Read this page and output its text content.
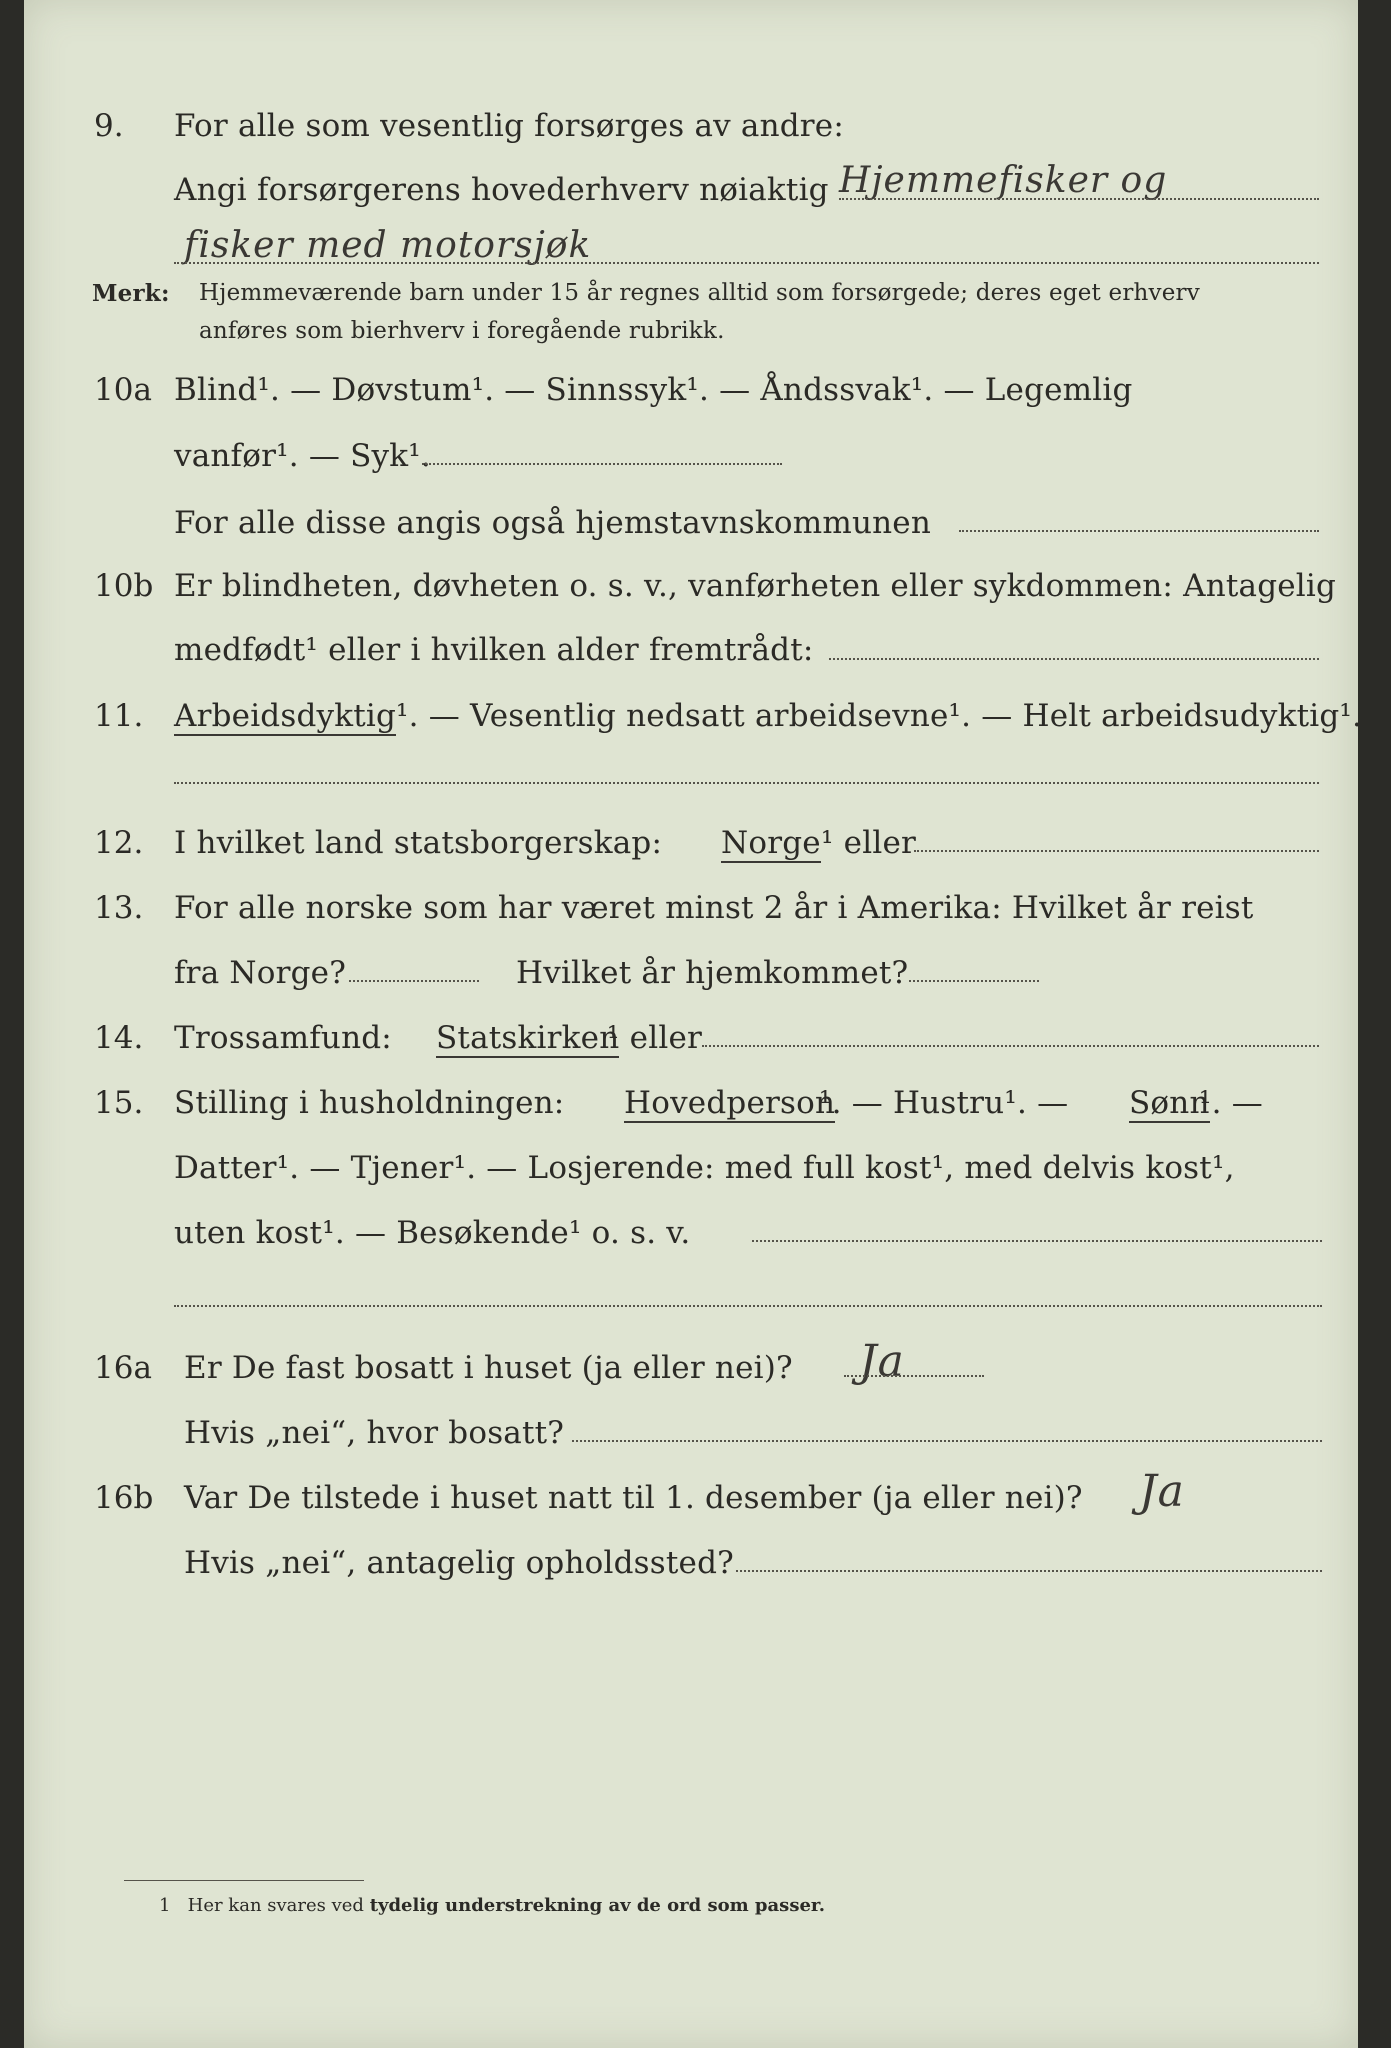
9. For alle som vesentlig forsørges av andre:
Angi forsørgerens hovederhverv nøiaktig Hjemmefisker og
fisker med motorsjøk
Merk: Hjemmeværende barn under 15 år regnes alltid som forsørgede; deres eget erhverv
anføres som bierhverv i foregående rubrikk.
10a Blind¹. — Døvstum¹. — Sinnssyk¹. — Åndssvak¹. — Legemlig
vanfør¹. — Syk¹.
For alle disse angis også hjemstavnskommunen
10b Er blindheten, døvheten o. s. v., vanførheten eller sykdommen: Antagelig
medfødt¹ eller i hvilken alder fremtrådt:
11. Arbeidsdyktig ¹. — Vesentlig nedsatt arbeidsevne¹. — Helt arbeidsudyktig¹.
12. I hvilket land statsborgerskap: Norge ¹ eller
13. For alle norske som har været minst 2 år i Amerika: Hvilket år reist
fra Norge?	Hvilket år hjemkommet?
14. Trossamfund: Statskirken
¹ eller
15. Stilling i husholdningen: Hovedperson
¹. — Hustru¹. — Sønn
¹. —
Datter¹. — Tjener¹. — Losjerende: med full kost¹, med delvis kost¹,
uten kost¹. — Besøkende¹ o. s. v.
16a Er De fast bosatt i huset (ja eller nei)? Ja
Hvis „nei“, hvor bosatt?
16b Var De tilstede i huset natt til 1. desember (ja eller nei)? Ja
Hvis „nei“, antagelig opholdssted?
1 Her kan svares ved tydelig understrekning av de ord som passer.
